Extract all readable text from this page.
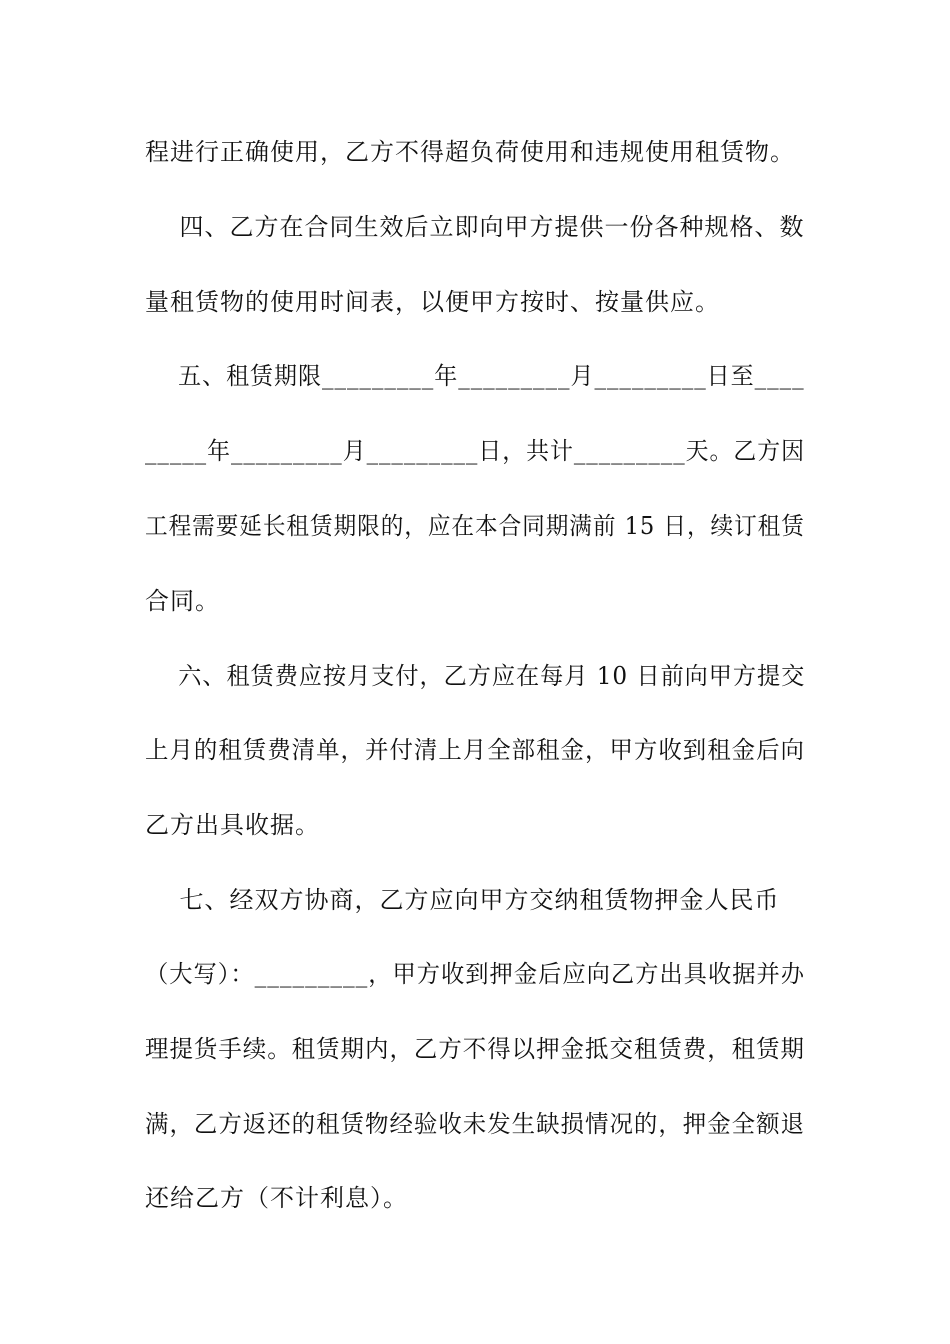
程进行正确使用，乙方不得超负荷使用和违规使用租赁物。
四、乙方在合同生效后立即向甲方提供一份各种规格、数
量租赁物的使用时间表，以便甲方按时、按量供应。
五、租赁期限_________年_________月_________日至____
_____年_________月_________日，共计_________天。乙方因
工程需要延长租赁期限的，应在本合同期满前 15 日，续订租赁
合同。
六、租赁费应按月支付，乙方应在每月 10 日前向甲方提交
上月的租赁费清单，并付清上月全部租金，甲方收到租金后向
乙方出具收据。
七、经双方协商，乙方应向甲方交纳租赁物押金人民币
（大写）：_________，甲方收到押金后应向乙方出具收据并办
理提货手续。租赁期内，乙方不得以押金抵交租赁费，租赁期
满，乙方返还的租赁物经验收未发生缺损情况的，押金全额退
还给乙方（不计利息）。
